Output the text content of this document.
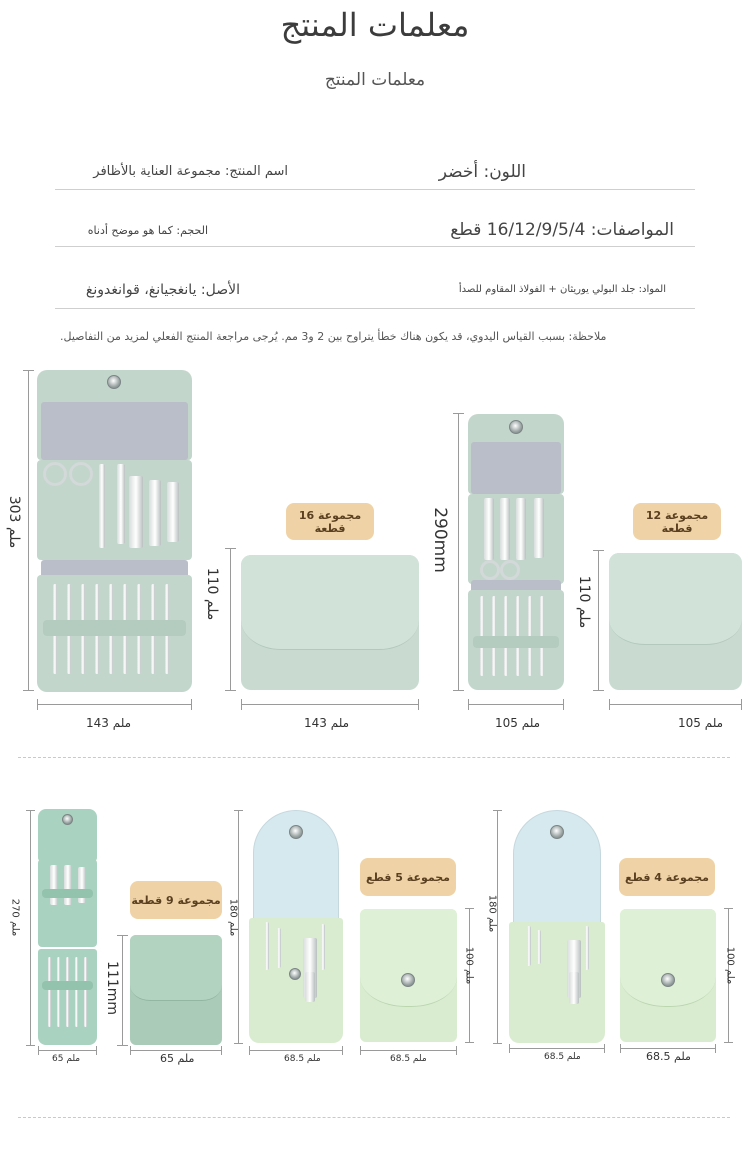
معلمات المنتج
معلمات المنتج
اللون: أخضر
اسم المنتج: مجموعة العناية بالأظافر
المواصفات: 16/12/9/5/4 قطع
الحجم: كما هو موضح أدناه
المواد: جلد البولي يوريثان + الفولاذ المقاوم للصدأ
الأصل: يانغجيانغ، قوانغدونغ
ملاحظة: بسبب القياس اليدوي، قد يكون هناك خطأ يتراوح بين 2 و3 مم. يُرجى مراجعة المنتج الفعلي لمزيد من التفاصيل.
303 ملم
143 ملم
مجموعة 16 قطعة
110 ملم
143 ملم
290mm
105 ملم
مجموعة 12 قطعة
110 ملم
105 ملم
270 ملم
65 ملم
مجموعة 9 قطعة
111mm
65 ملم
180 ملم
68.5 ملم
مجموعة 5 قطع
100 ملم
68.5 ملم
180 ملم
68.5 ملم
مجموعة 4 قطع
100 ملم
68.5 ملم
